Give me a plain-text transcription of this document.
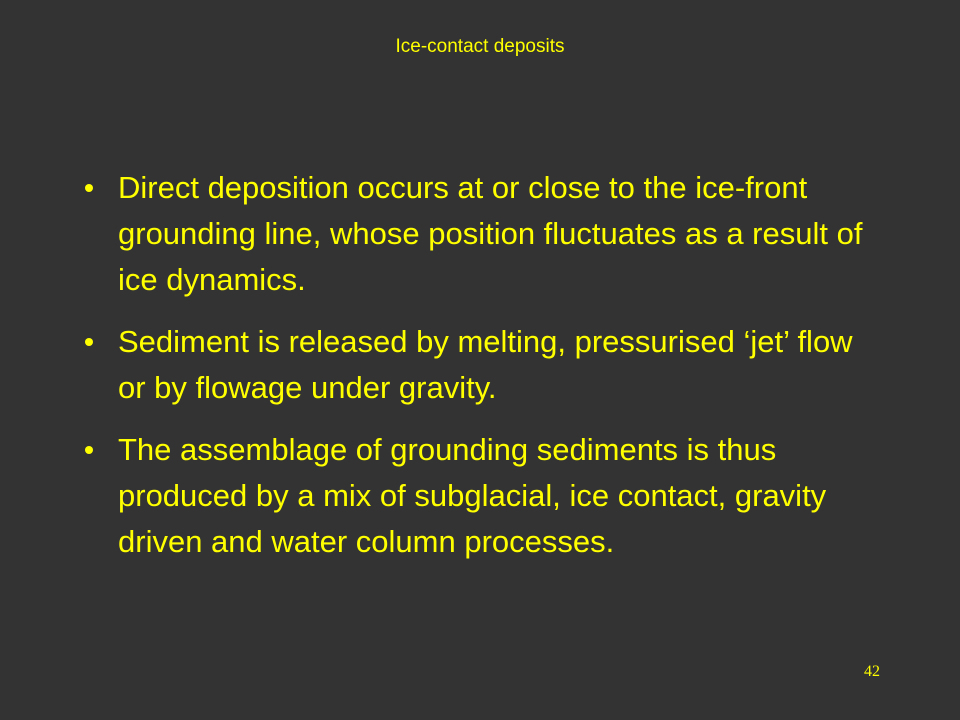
Ice-contact deposits
Direct deposition occurs at or close to the ice-front grounding line, whose position fluctuates as a result of ice dynamics.
Sediment is released by melting, pressurised ‘jet’ flow or by flowage under gravity.
The assemblage of grounding sediments is thus produced by a mix of subglacial, ice contact, gravity driven and water column processes.
42
